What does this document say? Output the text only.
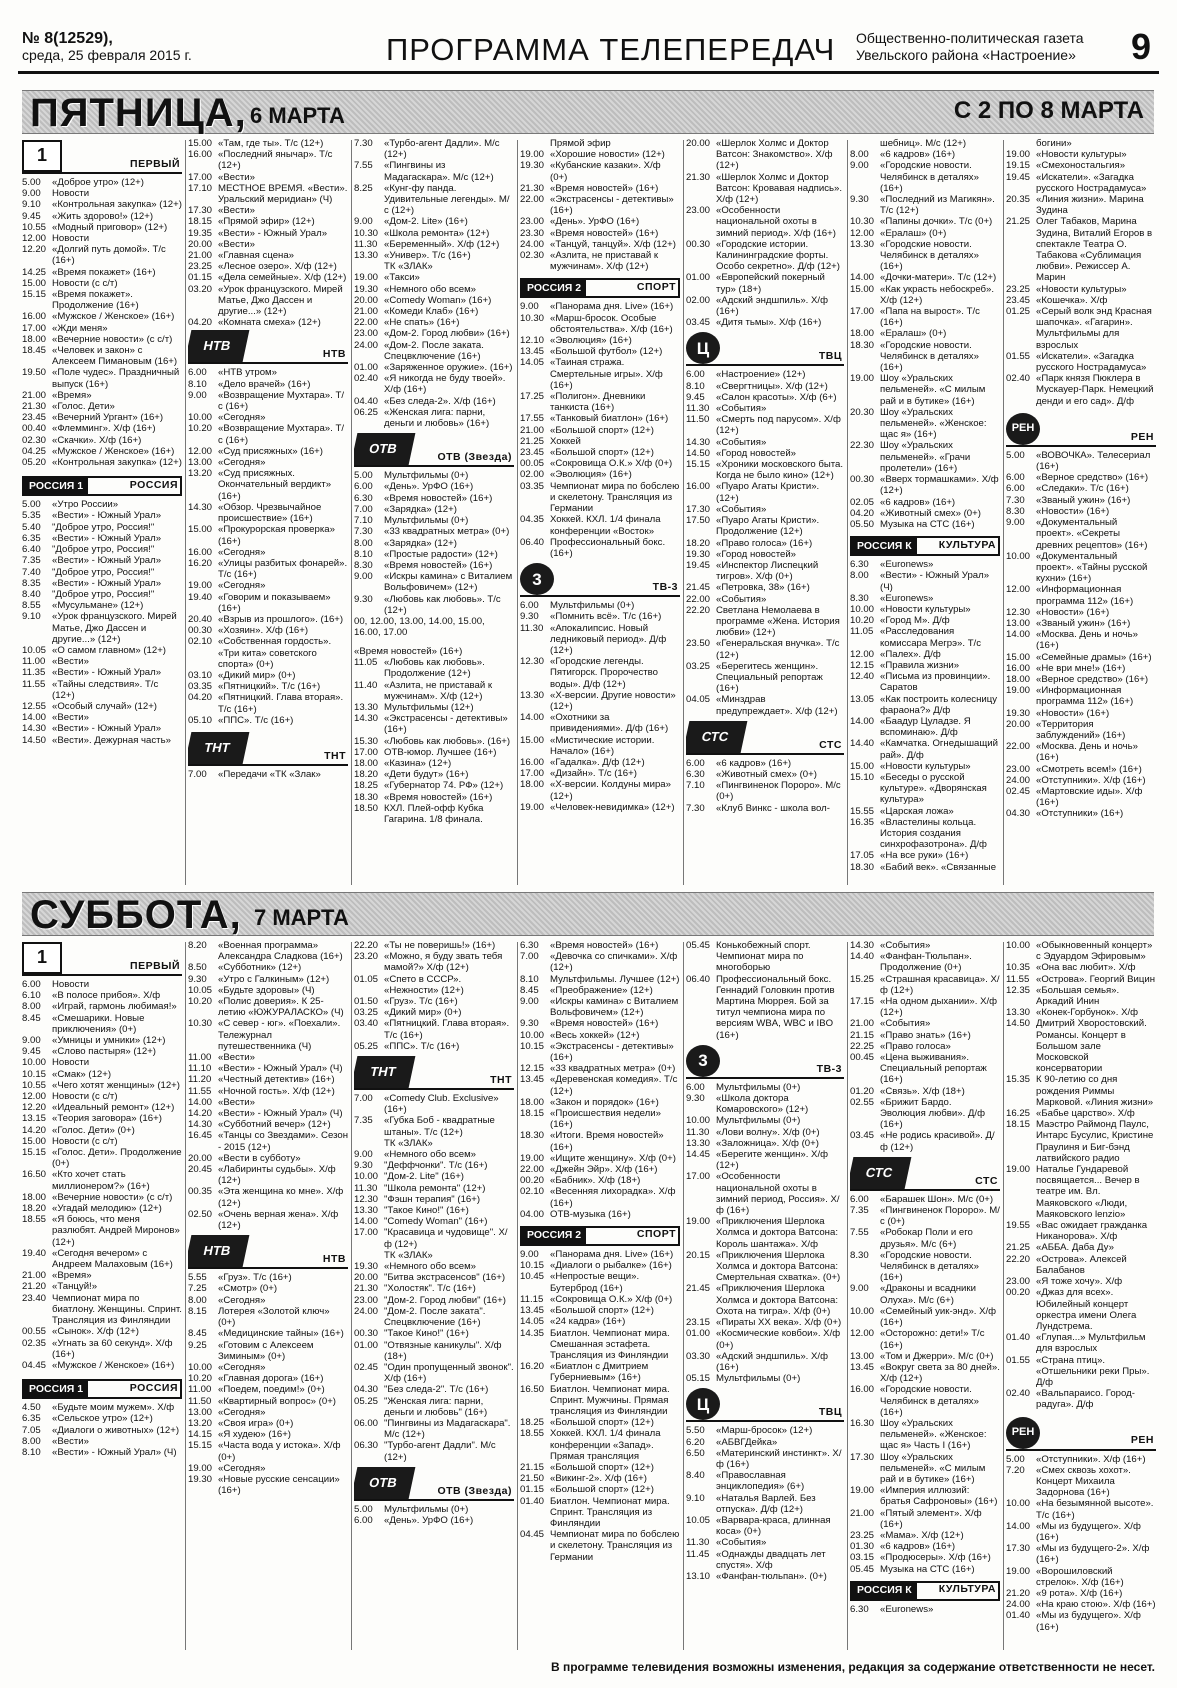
№ 8(12529),
среда, 25 февраля 2015 г.	ПРОГРАММА ТЕЛЕПЕРЕДАЧ Общественно-политическая газета
Увельского района «Настроение» 9
ПЯТНИЦА, 6 МАРТА	С 2 ПО 8 МАРТА
СУББОТА, 7 МАРТА
1	ПЕРВЫЙ
5.00	«Доброе утро» (12+)
9.00	Новости
9.10	«Контрольная закупка» (12+)
9.45	«Жить здорово!» (12+)
10.55 «Модный приговор» (12+)
12.00 Новости
12.20 «Долгий путь домой». Т/с (16+)
14.25 «Время покажет» (16+)
15.00 Новости (с с/т)
15.15 «Время покажет». Продолжение (16+)
16.00 «Мужское / Женское» (16+)
17.00 «Жди меня»
18.00 «Вечерние новости» (с с/т)
18.45 «Человек и закон» с Алексеем Пимановым (16+)
19.50 «Поле чудес». Праздничный выпуск (16+)
21.00 «Время»
21.30 «Голос. Дети»
23.45 «Вечерний Ургант» (16+)
00.40 «Флемминг». Х/ф (16+)
02.30 «Скачки». Х/ф (16+)
04.25 «Мужское / Женское» (16+)
05.20 «Контрольная закупка» (12+)
РОССИЯ
1	РОССИЯ
5.00	«Утро России»
5.35	«Вести» - Южный Урал»
5.40	"Доброе утро, Россия!"
6.35	«Вести» - Южный Урал»
6.40	"Доброе утро, Россия!"
7.35	«Вести» - Южный Урал»
7.40	"Доброе утро, Россия!"
8.35	«Вести» - Южный Урал»
8.40	"Доброе утро, Россия!"
8.55	«Мусульмане» (12+)
9.10	«Урок французского. Мирей Матье, Джо Дассен и другие...» (12+)
10.05 «О самом главном» (12+)
11.00 «Вести»
11.35 «Вести» - Южный Урал»
11.55 «Тайны следствия». Т/с (12+)
12.55 «Особый случай» (12+)
14.00 «Вести»
14.30 «Вести» - Южный Урал»
14.50 «Вести». Дежурная часть»
15.00 «Там, где ты». Т/с (12+)
16.00 «Последний янычар». Т/с (12+)
17.00 «Вести»
17.10 МЕСТНОЕ ВРЕМЯ. «Вести». Уральский меридиан» (Ч)
17.30 «Вести»
18.15 «Прямой эфир» (12+)
19.35 «Вести» - Южный Урал»
20.00 «Вести»
21.00 «Главная сцена»
23.25 «Лесное озеро». Х/ф (12+)
01.15 «Дела семейные». Х/ф (12+)
03.20 «Урок французского. Мирей Матье, Джо Дассен и другие...» (12+)
04.20 «Комната смеха» (12+)
НТВ
НТВ
6.00	«НТВ утром»
8.10	«Дело врачей» (16+)
9.00	«Возвращение Мухтара». Т/с (16+)
10.00 «Сегодня»
10.20 «Возвращение Мухтара». Т/с (16+)
12.00 «Суд присяжных» (16+)
13.00 «Сегодня»
13.20 «Суд присяжных. Окончательный вердикт» (16+)
14.30 «Обзор. Чрезвычайное происшествие» (16+)
15.00 «Прокурорская проверка» (16+)
16.00 «Сегодня»
16.20 «Улицы разбитых фонарей». Т/с (16+)
19.00 «Сегодня»
19.40 «Говорим и показываем» (16+)
20.40 «Взрыв из прошлого». (16+)
00.30 «Хозяин». Х/ф (16+)
02.10 «Собственная гордость». «Три кита» советского спорта» (0+)
03.10 «Дикий мир» (0+)
03.35 «Пятницкий». Т/с (16+)
04.20 «Пятницкий. Глава вторая». Т/с (16+)
05.10 «ППС». Т/с (16+)
ТНТ
ТНТ
7.00	«Передачи «ТК «Злак»
7.30	«Турбо-агент Дадли». М/с (12+)
7.55	«Пингвины из Мадагаскара». М/с (12+)
8.25	«Кунг-фу панда. Удивительные легенды». М/с (12+)
9.00	«Дом-2. Lite» (16+)
10.30 «Школа ремонта» (12+)
11.30 «Беременный». Х/ф (12+)
13.30 «Универ». Т/с (16+)
ТК «ЗЛАК»
19.00 «Такси»
19.30 «Немного обо всем»
20.00 «Comedy Woman» (16+)
21.00 «Комеди Клаб» (16+)
22.00 «Не спать» (16+)
23.00 «Дом-2. Город любви» (16+)
24.00 «Дом-2. После заката. Спецвключение (16+)
01.00 «Заряженное оружие». (16+)
02.40 «Я никогда не буду твоей». Х/ф (16+)
04.40 «Без следа-2». Х/ф (16+)
06.25 «Женская лига: парни, деньги и любовь» (16+)
ОТВ
ОТВ (Звезда)
5.00	Мультфильмы (0+)
6.00	«День». УрФО (16+)
6.30	«Время новостей» (16+)
7.00	«Зарядка» (12+)
7.10	Мультфильмы (0+)
7.30	«33 квадратных метра» (0+)
8.00	«Зарядка» (12+)
8.10	«Простые радости» (12+)
8.30	«Время новостей» (16+)
9.00	«Искры камина» с Виталием Вольфовичем» (12+)
9.30	«Любовь как любовь». Т/с (12+)
00, 12.00, 13.00, 14.00, 15.00, 16.00, 17.00
«Время новостей» (16+)
11.05 «Любовь как любовь». Продолжение (12+)
11.40 «Азлита, не приставай к мужчинам». Х/ф (12+)
13.30 Мультфильмы (12+)
14.30 «Экстрасенсы - детективы» (16+)
15.30 «Любовь как любовь». (16+)
17.00 ОТВ-юмор. Лучшее (16+)
18.00 «Казина» (12+)
18.20 «Дети будут» (16+)
18.25 «Губернатор 74. РФ» (12+)
18.30 «Время новостей» (16+)
18.50 КХЛ. Плей-офф Кубка Гагарина. 1/8 финала.
Прямой эфир
19.00 «Хорошие новости» (12+)
19.30 «Кубанские казаки». Х/ф (0+)
21.30 «Время новостей» (16+)
22.00 «Экстрасенсы - детективы» (16+)
23.00 «День». УрФО (16+)
23.30 «Время новостей» (16+)
24.00 «Танцуй, танцуй». Х/ф (12+)
02.30 «Азлита, не приставай к мужчинам». Х/ф (12+)
РОССИЯ
2	СПОРТ
9.00	«Панорама дня. Live» (16+)
10.30 «Марш-бросок. Особые обстоятельства». Х/ф (16+)
12.10 «Эволюция» (16+)
13.45 «Большой футбол» (12+)
14.05 «Таиная стража. Смертельные игры». Х/ф (16+)
17.25 «Полигон». Дневники танкиста (16+)
17.55 «Танковый биатлон» (16+)
21.00 «Большой спорт» (12+)
21.25 Хоккей
23.45 «Большой спорт» (12+)
00.05 «Сокровища О.К.» Х/ф (0+)
02.00 «Эволюция» (16+)
03.35 Чемпионат мира по бобслею и скелетону. Трансляция из Германии
04.35 Хоккей. КХЛ. 1/4 финала конференции «Восток»
06.40 Профессиональный бокс. (16+)
3	ТВ-3
6.00	Мультфильмы (0+)
9.30	«Помнить всё». Т/с (16+)
11.30 «Апокалипсис. Новый ледниковый период». Д/ф (12+)
12.30 «Городские легенды. Пятигорск. Пророчество воды». Д/ф (12+)
13.30 «Х-версии. Другие новости» (12+)
14.00 «Охотники за привидениями». Д/ф (16+)
15.00 «Мистические истории. Начало» (16+)
16.00 «Гадалка». Д/ф (12+)
17.00 «Дизайн». Т/с (16+)
18.00 «Х-версии. Колдуны мира» (12+)
19.00 «Человек-невидимка» (12+)
20.00 «Шерлок Холмс и Доктор Ватсон: Знакомство». Х/ф (12+)
21.30 «Шерлок Холмс и Доктор Ватсон: Кровавая надпись». Х/ф (12+)
23.00 «Особенности национальной охоты в зимний период». Х/ф (16+)
00.30 «Городские истории. Калининградские форты. Особо секретно». Д/ф (12+)
01.00 «Европейский покерный тур» (18+)
02.00 «Адский эндшпиль». Х/ф (16+)
03.45 «Дитя тьмы». Х/ф (16+)
Ц	ТВЦ
6.00	«Настроение» (12+)
8.10	«Свергтницы». Х/ф (12+)
9.45	«Салон красоты». Х/ф (6+)
11.30 «События»
11.50 «Смерть под парусом». Х/ф (12+)
14.30 «События»
14.50 «Город новостей»
15.15 «Хроники московского быта. Когда не было кино» (12+)
16.00 «Пуаро Агаты Кристи». (12+)
17.30 «События»
17.50 «Пуаро Агаты Кристи». Продолжение (12+)
18.20 «Право голоса» (16+)
19.30 «Город новостей»
19.45 «Инспектор Лиспецкий тигров». Х/ф (0+)
21.45 «Петровка, 38» (16+)
22.00 «События»
22.20 Светлана Немолаева в программе «Жена. История любви» (12+)
23.50 «Генеральская внучка». Т/с (12+)
03.25 «Берегитесь женщин». Специальный репортаж (16+)
04.05 «Минздрав предупреждает». Х/ф (12+)
СТС
СТС
6.00	«6 кадров» (16+)
6.30	«Животный смех» (0+)
7.10	«Пингвиненок Пороро». М/с (0+)
7.30	«Клуб Винкс - школа вол-
шебниц». М/с (12+)
8.00	«6 кадров» (16+)
9.00	«Городские новости. Челябинск в деталях» (16+)
9.30	«Последний из Магикян». Т/с (12+)
10.30 «Папины дочки». Т/с (0+)
12.00 «Ералаш» (0+)
13.30 «Городские новости. Челябинск в деталях» (16+)
14.00 «Дочки-матери». Т/с (12+)
15.00 «Как украсть небоскреб». Х/ф (12+)
17.00 «Папа на вырост». Т/с (16+)
18.00 «Ералаш» (0+)
18.30 «Городские новости. Челябинск в деталях» (16+)
19.00 Шоу «Уральских пельменей». «С милым рай и в бутике» (16+)
20.30 Шоу «Уральских пельменей». «Женское: щас я» (16+)
22.30 Шоу «Уральских пельменей». «Грачи пролетели» (16+)
00.30 «Вверх тормашками». Х/ф (12+)
02.05 «6 кадров» (16+)
04.20 «Животный смех» (0+)
05.50 Музыка на СТС (16+)
РОССИЯ
К	КУЛЬТУРА
6.30	«Euronews»
8.00	«Вести» - Южный Урал» (Ч)
8.30	«Euronews»
10.00 «Новости культуры»
10.20 «Город М». Д/ф
11.05 «Расследования комиссара Мегрэ». Т/с
12.00 «Палех». Д/ф
12.15 «Правила жизни»
12.40 «Письма из провинции». Саратов
13.05 «Как построить колесницу фараона?» Д/ф
14.00 «Баадур Цуладзе. Я вспоминаю». Д/ф
14.40 «Камчатка. Огнедышащий рай». Д/ф
15.00 «Новости культуры»
15.10 «Беседы о русской культуре». «Дворянская культура»
15.55 «Царская ложа»
16.35 «Властелины кольца. История создания синхрофазотрона». Д/ф
17.05 «На все руки» (16+)
18.30 «Бабий век». «Связанные
богини»
19.00 «Новости культуры»
19.15 «Смехоностальгия»
19.45 «Искатели». «Загадка русского Нострадамуса»
20.35 «Линия жизни». Марина Зудина
21.25 Олег Табаков, Марина Зудина, Виталий Егоров в спектакле Театра О. Табакова «Сублимация любви». Режиссер А. Марин
23.25 «Новости культуры»
23.45 «Кошечка». Х/ф
01.25 «Серый волк энд Красная шапочка». «Гагарин». Мультфильмы для взрослых
01.55 «Искатели». «Загадка русского Нострадамуса»
02.40 «Парк князя Пюклера в Мускауер-Парк. Немецкий денди и его сад». Д/ф
РЕН
РЕН
5.00	«ВОВОЧКА». Телесериал (16+)
6.00	«Верное средство» (16+)
6.00	«Следаки». Т/с (16+)
7.30	«Званый ужин» (16+)
8.30	«Новости» (16+)
9.00	«Документальный проект». «Секреты древних рецептов» (16+)
10.00 «Документальный проект». «Тайны русской кухни» (16+)
12.00 «Информационная программа 112» (16+)
12.30 «Новости» (16+)
13.00 «Званый ужин» (16+)
14.00 «Москва. День и ночь» (16+)
15.00 «Семейные драмы» (16+)
16.00 «Не ври мне!» (16+)
18.00 «Верное средство» (16+)
19.00 «Информационная программа 112» (16+)
19.30 «Новости» (16+)
20.00 «Территория заблуждений» (16+)
22.00 «Москва. День и ночь» (16+)
23.00 «Смотреть всем!» (16+)
24.00 «Отступники». Х/ф (16+)
02.45 «Мартовские иды». Х/ф (16+)
04.30 «Отступники» (16+)
1	ПЕРВЫЙ
6.00	Новости
6.10	«В полосе прибоя». Х/ф
8.00	«Играй, гармонь любимая!»
8.45	«Смешарики. Новые приключения» (0+)
9.00	«Умницы и умники» (12+)
9.45	«Слово пастыря» (12+)
10.00 Новости
10.15 «Смак» (12+)
10.55 «Чего хотят женщины» (12+)
12.00 Новости (с с/т)
12.20 «Идеальный ремонт» (12+)
13.15 «Теория заговора» (16+)
14.20 «Голос. Дети» (0+)
15.00 Новости (с с/т)
15.15 «Голос. Дети». Продолжение (0+)
16.50 «Кто хочет стать миллионером?» (16+)
18.00 «Вечерние новости» (с с/т)
18.20 «Угадай мелодию» (12+)
18.55 «Я боюсь, что меня разлюбят. Андрей Миронов» (12+)
19.40 «Сегодня вечером» с Андреем Малаховым (16+)
21.00 «Время»
21.20 «Танцуй!»
23.40 Чемпионат мира по биатлону. Женщины. Спринт. Трансляция из Финляндии
00.55 «Сынок». Х/ф (12+)
02.35 «Угнать за 60 секунд». Х/ф (16+)
04.45 «Мужское / Женское» (16+)
РОССИЯ
1	РОССИЯ
4.50	«Будьте моим мужем». Х/ф
6.35	«Сельское утро» (12+)
7.05	«Диалоги о животных» (12+)
8.00	«Вести»
8.10	«Вести» - Южный Урал» (Ч)
8.20	«Военная программа» Александра Сладкова (16+)
8.50	«Субботник» (12+)
9.30	«Утро с Галкиным» (12+)
10.05 «Будьте здоровы» (Ч)
10.20 «Полис доверия». К 25-летию «ЮЖУРАЛАСКО» (Ч)
10.30 «С север - юг». «Поехали». Тележурнал путешественника (Ч)
11.00 «Вести»
11.10 «Вести» - Южный Урал» (Ч)
11.20 «Честный детектив» (16+)
11.55 «Ночной гость». Х/ф (12+)
14.00 «Вести»
14.20 «Вести» - Южный Урал» (Ч)
14.30 «Субботний вечер» (12+)
16.45 «Танцы со Звездами». Сезон - 2015 (12+)
20.00 «Вести в субботу»
20.45 «Лабиринты судьбы». Х/ф (12+)
00.35 «Эта женщина ко мне». Х/ф (12+)
02.50 «Очень верная жена». Х/ф (12+)
НТВ
НТВ
5.55	«Груз». Т/с (16+)
7.25	«Смотр» (0+)
8.00	«Сегодня»
8.15	Лотерея «Золотой ключ» (0+)
8.45	«Медицинские тайны» (16+)
9.25	«Готовим с Алексеем Зиминым» (0+)
10.00 «Сегодня»
10.20 «Главная дорога» (16+)
11.00 «Поедем, поедим!» (0+)
11.50 «Квартирный вопрос» (0+)
13.00 «Сегодня»
13.20 «Своя игра» (0+)
14.15 «Я худею» (16+)
15.15 «Часта вода у истока». Х/ф (0+)
19.00 «Сегодня»
19.30 «Новые русские сенсации» (16+)
22.20 «Ты не поверишь!» (16+)
23.20 «Можно, я буду звать тебя мамой?» Х/ф (12+)
01.05 «Спето в СССР». «Нежности» (12+)
01.50 «Груз». Т/с (16+)
03.25 «Дикий мир» (0+)
03.40 «Пятницкий. Глава вторая». Т/с (16+)
05.25 «ППС». Т/с (16+)
ТНТ
ТНТ
7.00	«Comedy Club. Exclusive» (16+)
7.35	«Губка Боб - квадратные штаны». Т/с (12+)
ТК «ЗЛАК»
9.00	«Немного обо всем»
9.30	"Деффчонки". Т/с (16+)
10.00 "Дом-2. Lite" (16+)
11.30 "Школа ремонта" (12+)
12.30 "Фэшн терапия" (16+)
13.30 "Такое Кино!" (16+)
14.00 "Comedy Woman" (16+)
17.00 "Красавица и чудовище". Х/ф (12+)
ТК «ЗЛАК»
19.30 «Немного обо всем»
20.00 "Битва экстрасенсов" (16+)
21.30 "Холостяк". Т/с (16+)
23.00 "Дом-2. Город любви" (16+)
24.00 "Дом-2. После заката". Спецвключение (16+)
00.30 "Такое Кино!" (16+)
01.00 "Отвязные каникулы". Х/ф (18+)
02.45 "Один пропущенный звонок". Х/ф (16+)
04.30 "Без следа-2". Т/с (16+)
05.25 "Женская лига: парни, деньги и любовь" (16+)
06.00 "Пингвины из Мадагаскара". М/с (12+)
06.30 "Турбо-агент Дадли". М/с (12+)
ОТВ
ОТВ (Звезда)
5.00	Мультфильмы (0+)
6.00	«День». УрФО (16+)
6.30	«Время новостей» (16+)
7.00	«Девочка со спичками». Х/ф (12+)
8.10	Мультфильмы. Лучшее (12+)
8.45	«Преображение» (12+)
9.00	«Искры камина» с Виталием Вольфовичем» (12+)
9.30	«Время новостей» (16+)
10.00 «Весь хоккей» (12+)
10.15 «Экстрасенсы - детективы» (16+)
12.15 «33 квадратных метра» (0+)
13.45 «Деревенская комедия». Т/с (12+)
18.00 «Закон и порядок» (16+)
18.15 «Происшествия недели» (16+)
18.30 «Итоги. Время новостей» (16+)
19.00 «Ищите женщину». Х/ф (0+)
22.00 «Джейн Эйр». Х/ф (16+)
00.20 «Бабник». Х/ф (18+)
02.10 «Весенняя лихорадка». Х/ф (16+)
04.00 ОТВ-музыка (16+)
РОССИЯ
2	СПОРТ
9.00	«Панорама дня. Live» (16+)
10.15 «Диалоги о рыбалке» (16+)
10.45 «Непростые вещи». Бутерброд (16+)
11.15 «Сокровища О.К.» Х/ф (0+)
13.45 «Большой спорт» (12+)
14.05 «24 кадра» (16+)
14.35 Биатлон. Чемпионат мира. Смешанная эстафета. Трансляция из Финляндии
16.20 «Биатлон с Дмитрием Губерниевым» (16+)
16.50 Биатлон. Чемпионат мира. Спринт. Мужчины. Прямая трансляция из Финляндии
18.25 «Большой спорт» (12+)
18.55 Хоккей. КХЛ. 1/4 финала конференции «Запад». Прямая трансляция
21.15 «Большой спорт» (12+)
21.50 «Викинг-2». Х/ф (16+)
01.15 «Большой спорт» (12+)
01.40 Биатлон. Чемпионат мира. Спринт. Трансляция из Финляндии
04.45 Чемпионат мира по бобслею и скелетону. Трансляция из Германии
05.45 Конькобежный спорт. Чемпионат мира по многоборью
06.40 Профессиональный бокс. Геннадий Головкин против Мартина Мюррея. Бой за титул чемпиона мира по версиям WBA, WBC и IBO (16+)
3	ТВ-3
6.00	Мультфильмы (0+)
9.30	«Школа доктора Комаровского» (12+)
10.00 Мультфильмы (0+)
11.30 «Лови волну». Х/ф (0+)
13.30 «Заложница». Х/ф (0+)
14.45 «Берегите женщин». Х/ф (12+)
17.00 «Особенности национальной охоты в зимний период, Россия». Х/ф (16+)
19.00 «Приключения Шерлока Холмса и доктора Ватсона: Король шантажа». Х/ф
20.15 «Приключения Шерлока Холмса и доктора Ватсона: Смертельная схватка». (0+)
21.45 «Приключения Шерлока Холмса и доктора Ватсона: Охота на тигра». Х/ф (0+)
23.15 «Пираты XX века». Х/ф (0+)
01.00 «Космические ковбои». Х/ф (0+)
03.30 «Адский эндшпиль». Х/ф (16+)
05.15 Мультфильмы (0+)
Ц	ТВЦ
5.50	«Марш-бросок» (12+)
6.20	«АБВГДейка»
6.50	«Материнский инстинкт». Х/ф (16+)
8.40	«Православная энциклопедия» (6+)
9.10	«Наталья Варлей. Без отпуска». Д/ф (12+)
10.05 «Варвара-краса, длинная коса» (0+)
11.30 «События»
11.45 «Однажды двадцать лет спустя». Х/ф
13.10 «Фанфан-тюльпан». (0+)
14.30 «События»
14.40 «Фанфан-Тюльпан». Продолжение (0+)
15.25 «Страшная красавица». Х/ф (12+)
17.15 «На одном дыхании». Х/ф (12+)
21.00 «События»
21.15 «Право знать» (16+)
22.25 «Право голоса»
00.45 «Цена выживания». Специальный репортаж (16+)
01.20 «Связь». Х/ф (18+)
02.55 «Брижит Бардо. Эволюция любви». Д/ф (16+)
03.45 «Не родись красивой». Д/ф (12+)
СТС
СТС
6.00	«Барашек Шон». М/с (0+)
7.35	«Пингвиненок Пороро». М/с (0+)
7.55	«Робокар Поли и его друзья». М/с (6+)
8.30	«Городские новости. Челябинск в деталях» (16+)
9.00	«Драконы и всадники Олуха». М/с (6+)
10.00 «Семейный уик-энд». Х/ф (16+)
12.00 «Осторожно: дети!» Т/с (16+)
13.00 «Том и Джерри». М/с (0+)
13.45 «Вокруг света за 80 дней». Х/ф (12+)
16.00 «Городские новости. Челябинск в деталях» (16+)
16.30 Шоу «Уральских пельменей». «Женское: щас я» Часть I (16+)
17.30 Шоу «Уральских пельменей». «С милым рай и в бутике» (16+)
19.00 «Империя иллюзий: братья Сафроновы» (16+)
21.00 «Пятый элемент». Х/ф (16+)
23.25 «Мама». Х/ф (12+)
01.30 «6 кадров» (16+)
03.15 «Продюсеры». Х/ф (16+)
05.45 Музыка на СТС (16+)
РОССИЯ
К	КУЛЬТУРА
6.30	«Euronews»
10.00 «Обыкновенный концерт» с Эдуардом Эфировым»
10.35 «Она вас любит». Х/ф
11.55 «Острова». Георгий Вицин
12.35 «Большая семья». Аркадий Инин
13.30 «Конек-Горбунок». Х/ф
14.50 Дмитрий Хворостовский. Романсы. Концерт в Большом зале Московской консерватории
15.35 К 90-летию со дня рождения Риммы Марковой. «Линия жизни»
16.25 «Бабье царство». Х/ф
18.15 Маэстро Раймонд Паулс, Интарс Бусулис, Кристине Праулиня и Биг-бэнд латвийского радио
19.00 Наталье Гундаревой посвящается... Вечер в театре им. Вл. Маяковского «Люди, Маяковского lenzio»
19.55 «Вас ожидает гражданка Никанорова». Х/ф
21.25 «АББА. Даба Ду»
22.20 «Острова». Алексей Балабанов
23.00 «Я тоже хочу». Х/ф
00.20 «Джаз для всех». Юбилейный концерт оркестра имени Олега Лундстрема.
01.40 «Глупая...» Мультфильм для взрослых
01.55 «Страна птиц». «Отшельники реки Пры». Д/ф
02.40 «Вальпараисо. Город-радуга». Д/ф
РЕН
РЕН
5.00	«Отступники». Х/ф (16+)
7.20	«Смех сквозь хохот». Концерт Михаила Задорнова (16+)
10.00 «На безымянной высоте». Т/с (16+)
14.00 «Мы из будущего». Х/ф (16+)
17.30 «Мы из будущего-2». Х/ф (16+)
19.00 «Ворошиловский стрелок». Х/ф (16+)
21.20 «9 рота». Х/ф (16+)
24.00 «На краю стою». Х/ф (16+)
01.40 «Мы из будущего». Х/ф (16+)
В программе телевидения возможны изменения, редакция за содержание ответственности не несет.
